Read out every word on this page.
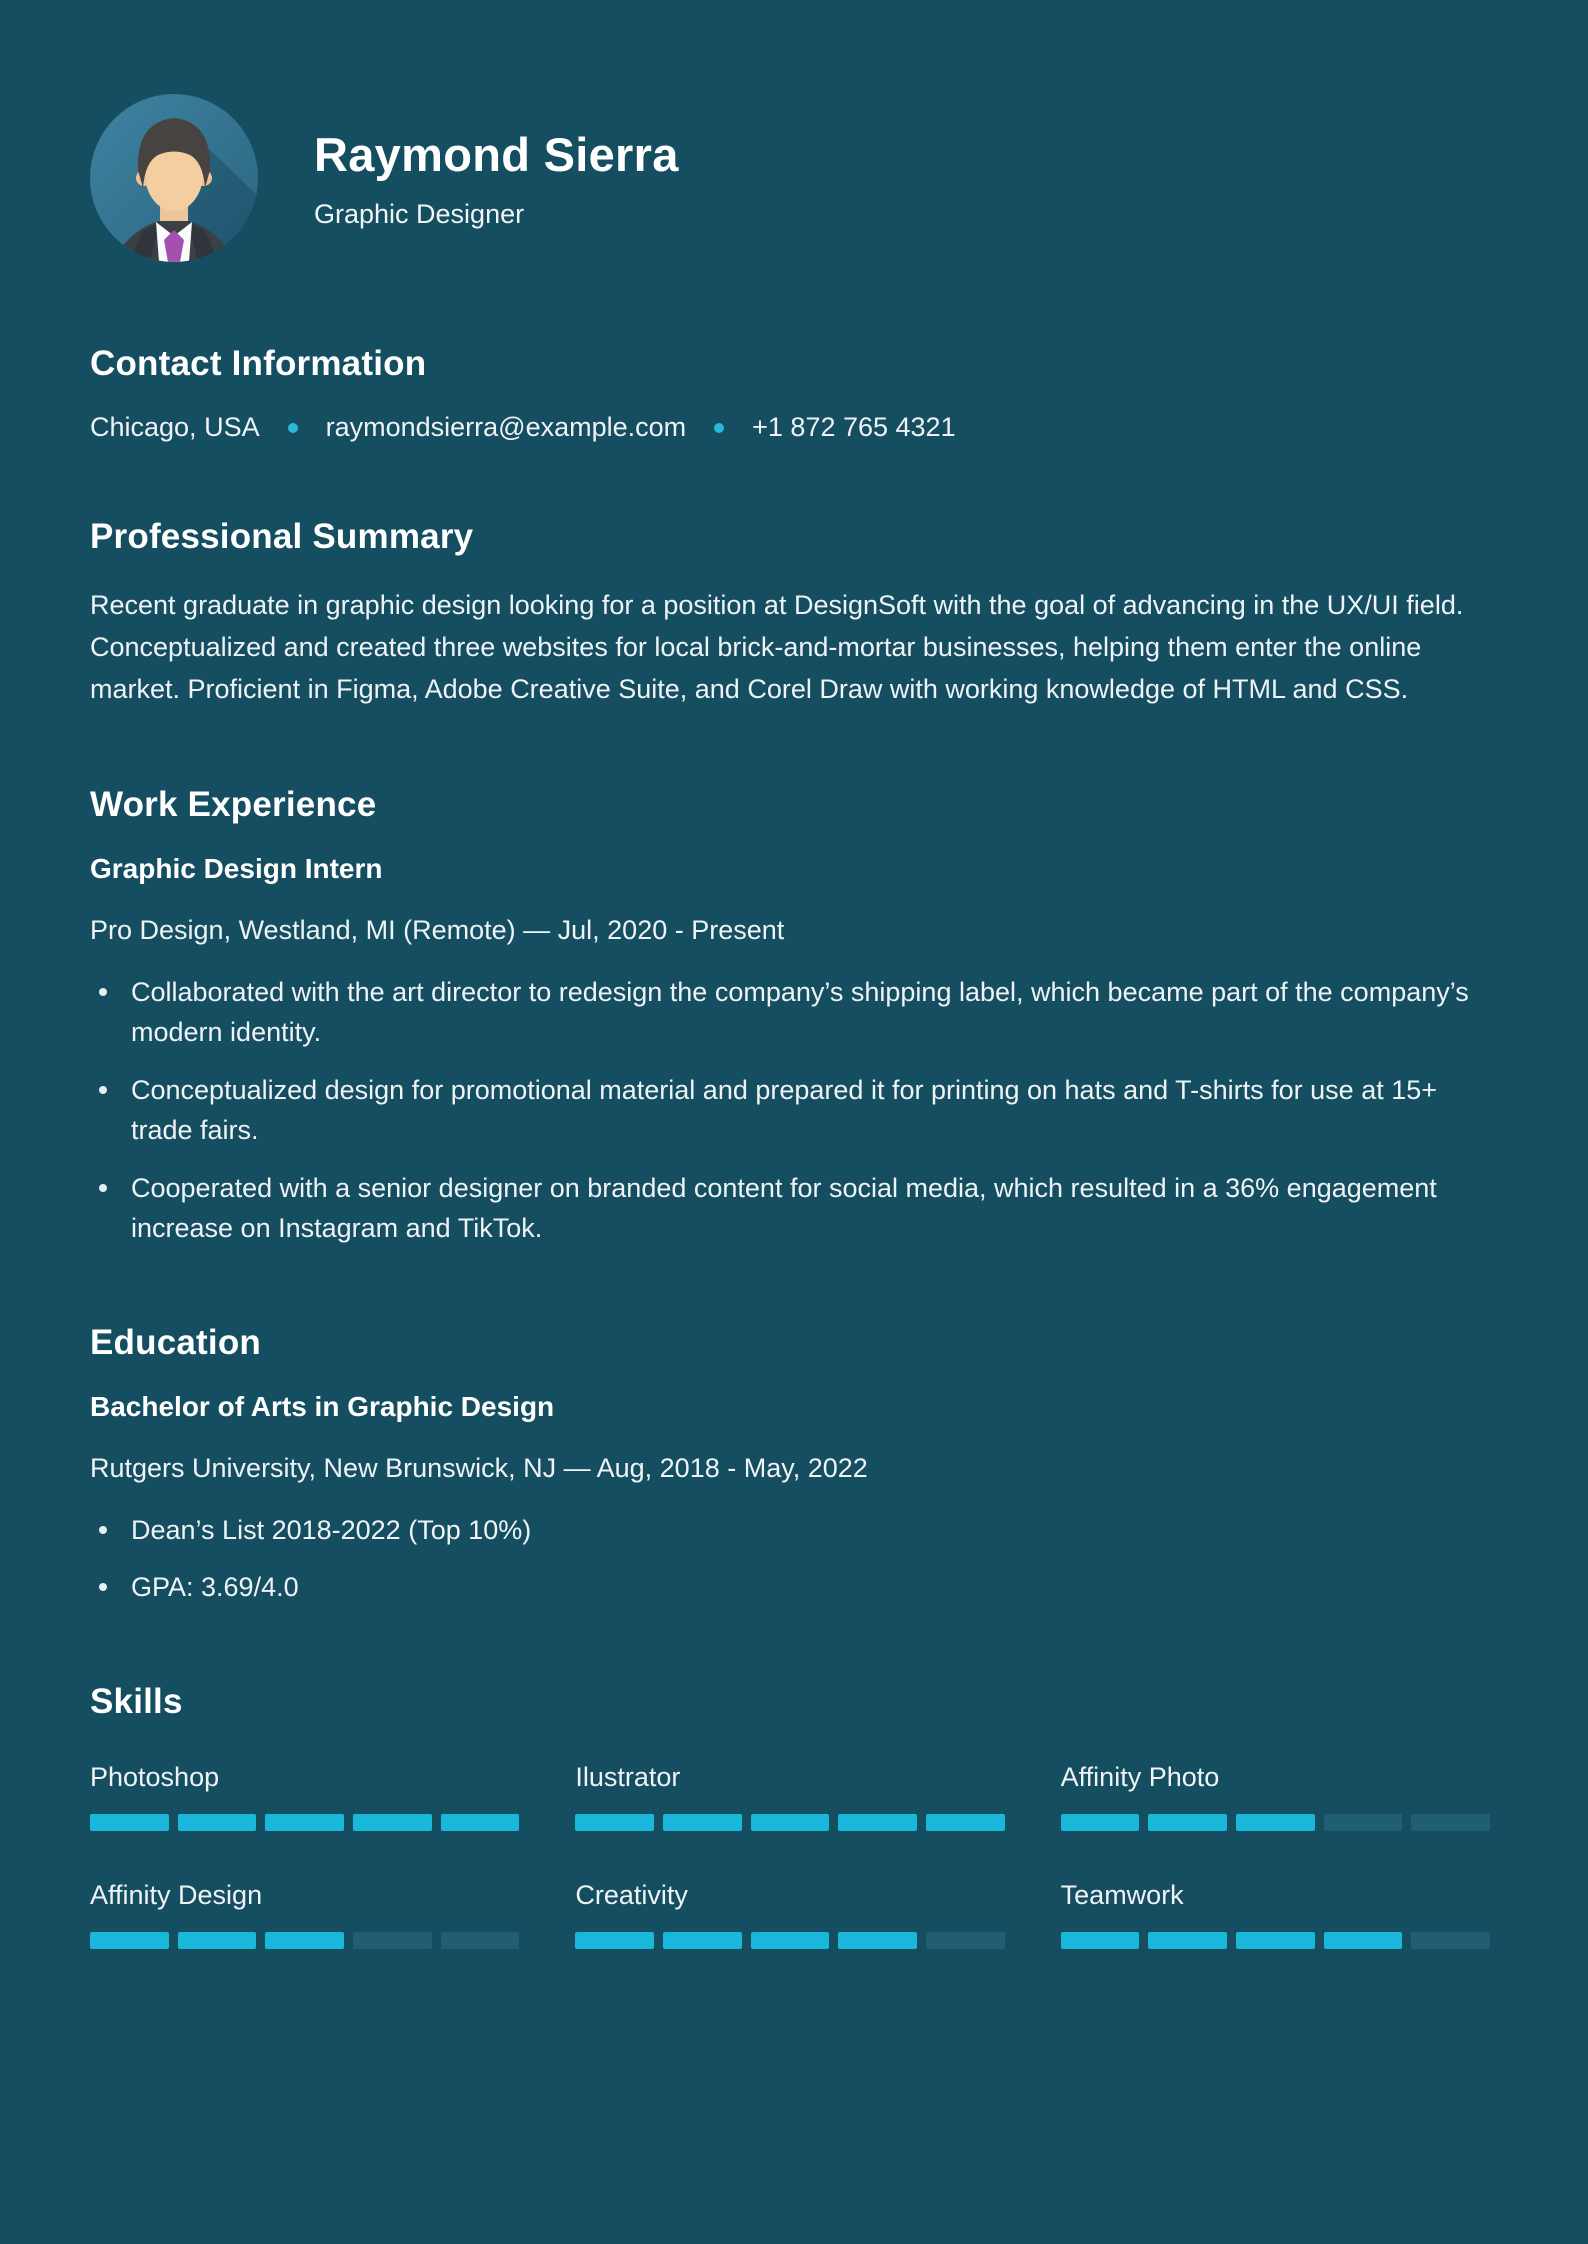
Raymond Sierra
Graphic Designer
Contact Information
Chicago, USA raymondsierra@example.com +1 872 765 4321
Professional Summary
Recent graduate in graphic design looking for a position at DesignSoft with the goal of advancing in the UX/UI field. Conceptualized and created three websites for local brick-and-mortar businesses, helping them enter the online market. Proficient in Figma, Adobe Creative Suite, and Corel Draw with working knowledge of HTML and CSS.
Work Experience
Graphic Design Intern

Pro Design, Westland, MI (Remote) — Jul, 2020 - Present

Collaborated with the art director to redesign the company’s shipping label, which became part of the company’s modern identity.
Conceptualized design for promotional material and prepared it for printing on hats and T-shirts for use at 15+ trade fairs.
Cooperated with a senior designer on branded content for social media, which resulted in a 36% engagement increase on Instagram and TikTok.
Education
Bachelor of Arts in Graphic Design

Rutgers University, New Brunswick, NJ — Aug, 2018 - May, 2022

Dean’s List 2018-2022 (Top 10%)
GPA: 3.69/4.0
Skills
Photoshop	Ilustrator	Affinity Photo
Affinity Design	Creativity	Teamwork
